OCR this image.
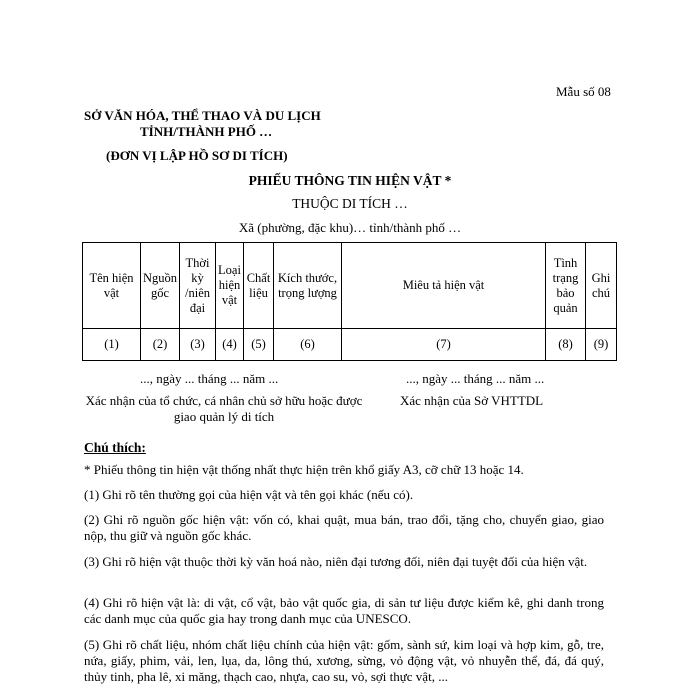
Mẫu số 08
SỞ VĂN HÓA, THỂ THAO VÀ DU LỊCH
TỈNH/THÀNH PHỐ …
(ĐƠN VỊ LẬP HỒ SƠ DI TÍCH)
PHIẾU THÔNG TIN HIỆN VẬT *
THUỘC DI TÍCH …
Xã (phường, đặc khu)… tỉnh/thành phố …
Tên hiện vật	Nguồn gốc	Thời kỳ /niên đại	Loại hiện vật	Chất liệu	Kích thước, trọng lượng	Miêu tả hiện vật	Tình trạng bảo quản	Ghi chú
(1)	(2)	(3)	(4)	(5)	(6)	(7)	(8)	(9)
..., ngày ... tháng ... năm ...	..., ngày ... tháng ... năm ...
Xác nhận của tổ chức, cá nhân chủ sở hữu hoặc được giao quản lý di tích
Xác nhận của Sở VHTTDL
Chú thích:
* Phiếu thông tin hiện vật thống nhất thực hiện trên khổ giấy A3, cỡ chữ 13 hoặc 14.
(1) Ghi rõ tên thường gọi của hiện vật và tên gọi khác (nếu có).
(2) Ghi rõ nguồn gốc hiện vật: vốn có, khai quật, mua bán, trao đổi, tặng cho, chuyển giao, giao nộp, thu giữ và nguồn gốc khác.
(3) Ghi rõ hiện vật thuộc thời kỳ văn hoá nào, niên đại tương đối, niên đại tuyệt đối của hiện vật.
(4) Ghi rõ hiện vật là: di vật, cổ vật, bảo vật quốc gia, di sản tư liệu được kiểm kê, ghi danh trong các danh mục của quốc gia hay trong danh mục của UNESCO.
(5) Ghi rõ chất liệu, nhóm chất liệu chính của hiện vật: gốm, sành sứ, kim loại và hợp kim, gỗ, tre, nứa, giấy, phim, vải, len, lụa, da, lông thú, xương, sừng, vỏ động vật, vỏ nhuyễn thể, đá, đá quý, thủy tinh, pha lê, xi măng, thạch cao, nhựa, cao su, vỏ, sợi thực vật, ...
